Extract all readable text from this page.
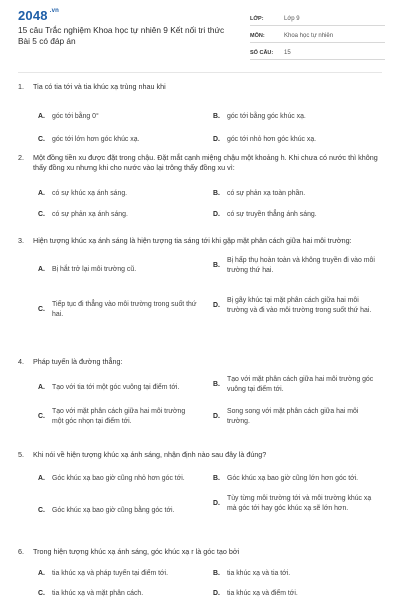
2048 $^{.vn}$
15 câu Trắc nghiệm Khoa học tự nhiên 9 Kết nối tri thức Bài 5 có đáp án
LỚP:	Lớp 9
MÔN:	Khoa học tự nhiên
SỐ CÂU:	15
1.	Tia có tia tới và tia khúc xạ trùng nhau khi
A.	góc tới bằng 0°	B.	góc tới bằng góc khúc xạ.
C.	góc tới lớn hơn góc khúc xạ.	D.	góc tới nhỏ hơn góc khúc xạ.
2.	Một đồng tiền xu được đặt trong chậu. Đặt mắt cạnh miệng chậu một khoảng h. Khi chưa có nước thì không thấy đồng xu nhưng khi cho nước vào lại trông thấy đồng xu vì:
A.	có sự khúc xạ ánh sáng.	B.	có sự phản xạ toàn phần.
C.	có sự phản xạ ánh sáng.	D.	có sự truyền thẳng ánh sáng.
3.	Hiện tượng khúc xạ ánh sáng là hiện tượng tia sáng tới khi gặp mặt phân cách giữa hai môi trường:
A.	Bị hắt trở lại môi trường cũ.
B.
Bị hấp thụ hoàn toàn và không truyền đi vào môi trường thứ hai.
C.
Tiếp tục đi thẳng vào môi trường trong suốt thứ hai.
D.
Bị gãy khúc tại mặt phân cách giữa hai môi trường và đi vào môi trường trong suốt thứ hai.
4.	Pháp tuyến là đường thẳng:
A.	Tạo với tia tới một góc vuông tại điểm tới.	B.
Tạo với mặt phân cách giữa hai môi trường góc vuông tại điểm tới.
C.
Tạo với mặt phân cách giữa hai môi trường một góc nhọn tại điểm tới.
D.
Song song với mặt phân cách giữa hai môi trường.
5.	Khi nói về hiện tượng khúc xạ ánh sáng, nhận định nào sau đây là đúng?
A.	Góc khúc xạ bao giờ cũng nhỏ hơn góc tới.	B.	Góc khúc xạ bao giờ cũng lớn hơn góc tới.
C.	Góc khúc xạ bao giờ cũng bằng góc tới.
D.
Tùy từng môi trường tới và môi trường khúc xạ mà góc tới hay góc khúc xạ sẽ lớn hơn.
6.	Trong hiện tượng khúc xạ ánh sáng, góc khúc xạ r là góc tạo bởi
A.	tia khúc xạ và pháp tuyến tại điểm tới.	B.	tia khúc xạ và tia tới.
C.	tia khúc xạ và mặt phân cách.	D.	tia khúc xạ và điểm tới.
